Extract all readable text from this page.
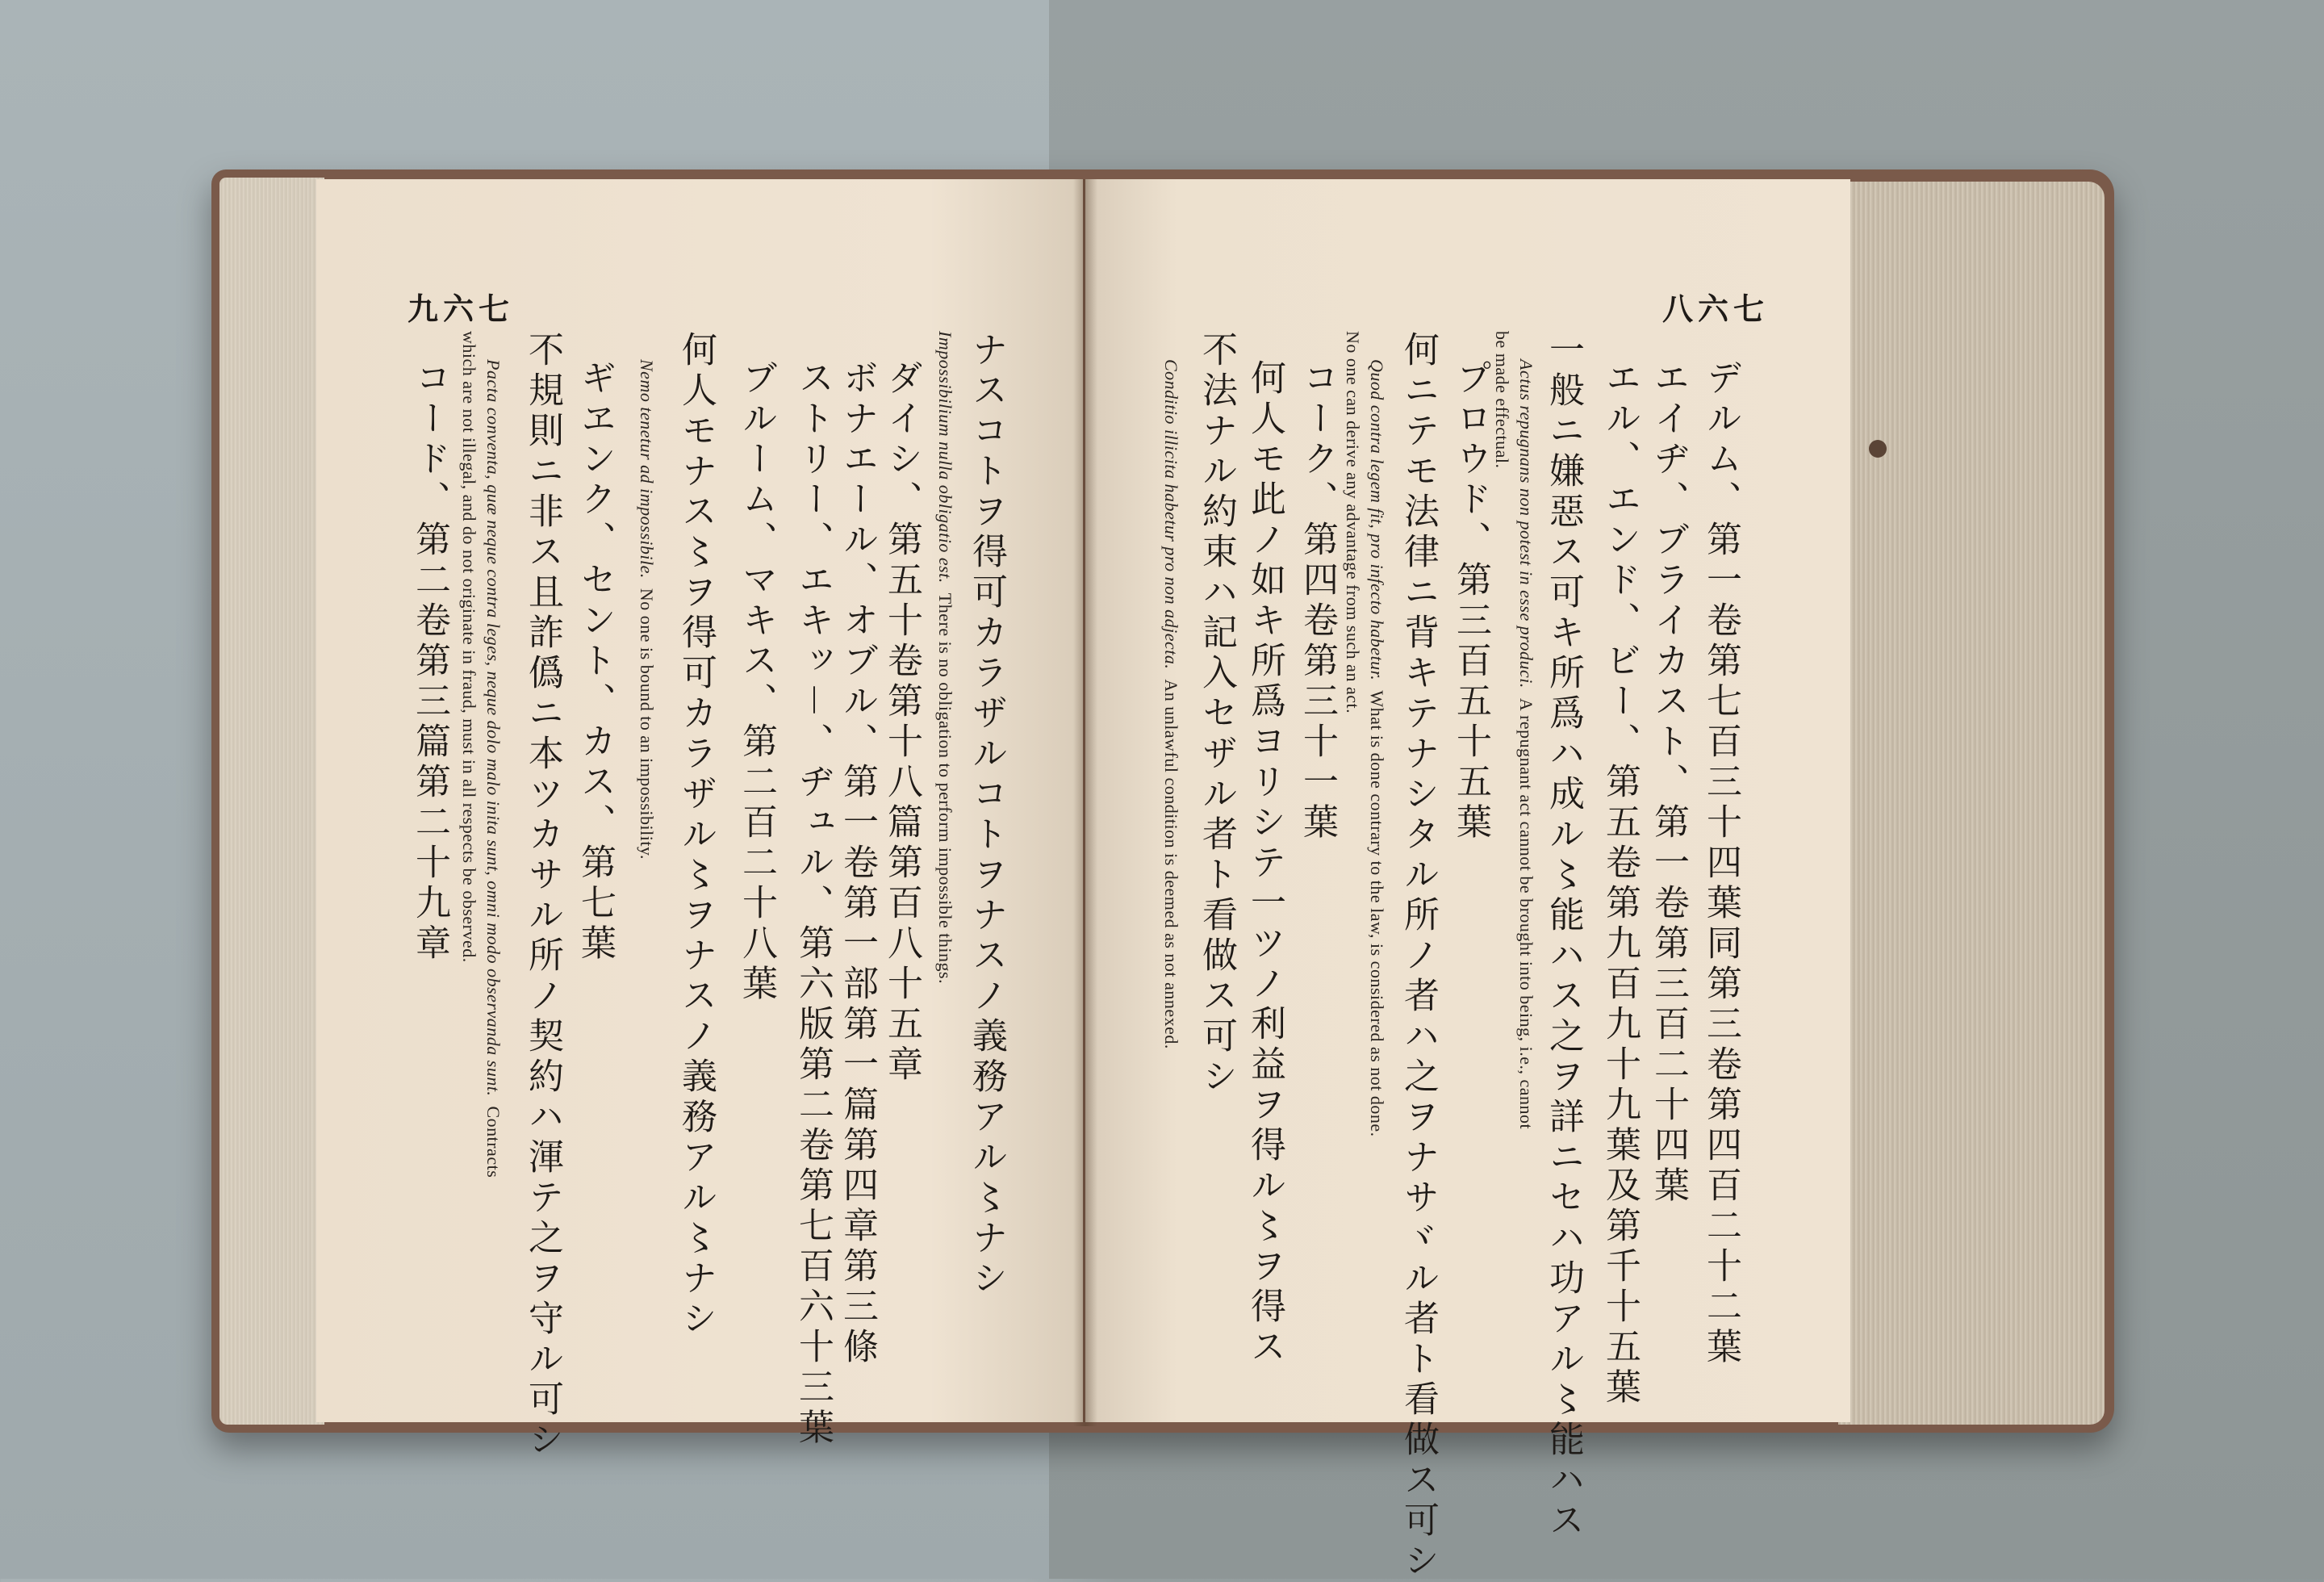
九六七	八六七
ナスコトヲ得可カラザルコトヲナスノ義務アル〻ナシ
Impossibilium nulla obligatio est.  There is no obligation to perform impossible things.
ダイシ、第五十卷第十八篇第百八十五章
ボナエール、オブル、第一卷第一部第一篇第四章第三條
ストリー、エキッ－、ヂュル、第六版第二卷第七百六十三葉
ブルーム、マキス、第二百二十八葉
何人モナス〻ヲ得可カラザル〻ヲナスノ義務アル〻ナシ
Nemo tenetur ad impossibile.  No one is bound to an impossibility.
ギヱンク、セント、カス、第七葉
不規則ニ非ス且詐僞ニ本ツカサル所ノ契約ハ渾テ之ヲ守ル可シ
Pacta conventa, quæ neque contra leges, neque dolo malo inita sunt, omni modo observanda sunt.  Contracts
which are not illegal, and do not originate in fraud, must in all respects be observed.
コード、第二卷第三篇第二十九章	デルム、第一卷第七百三十四葉同第三卷第四百二十二葉
エイヂ、ブライカスト、第一卷第三百二十四葉
エル、エンド、ビー、第五卷第九百九十九葉及第千十五葉
一般ニ嫌惡ス可キ所爲ハ成ル〻能ハス之ヲ詳ニセハ功アル〻能ハス
Actus repugnans non potest in esse produci.  A repugnant act cannot be brought into being, i.e., cannot
be made effectual.
プロウド、第三百五十五葉
何ニテモ法律ニ背キテナシタル所ノ者ハ之ヲナサヾル者ト看做ス可シ
Quod contra legem fit, pro infecto habetur.  What is done contrary to the law, is considered as not done.
No one can derive any advantage from such an act.
コーク、第四卷第三十一葉
何人モ此ノ如キ所爲ヨリシテ一ツノ利益ヲ得ル〻ヲ得ス
不法ナル約束ハ記入セザル者ト看做ス可シ
Conditio illicita habetur pro non adjecta.  An unlawful condition is deemed as not annexed.
